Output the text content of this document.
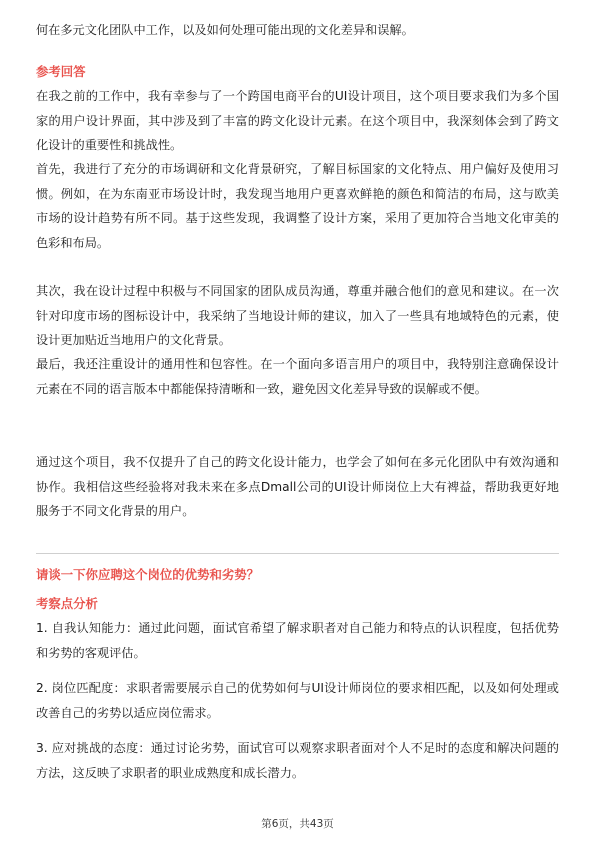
何在多元文化团队中工作，以及如何处理可能出现的文化差异和误解。
参考回答
在我之前的工作中，我有幸参与了一个跨国电商平台的UI设计项目，这个项目要求我们为多个国家的用户设计界面，其中涉及到了丰富的跨文化设计元素。在这个项目中，我深刻体会到了跨文化设计的重要性和挑战性。
首先，我进行了充分的市场调研和文化背景研究，了解目标国家的文化特点、用户偏好及使用习惯。例如，在为东南亚市场设计时，我发现当地用户更喜欢鲜艳的颜色和简洁的布局，这与欧美市场的设计趋势有所不同。基于这些发现，我调整了设计方案，采用了更加符合当地文化审美的色彩和布局。
其次，我在设计过程中积极与不同国家的团队成员沟通，尊重并融合他们的意见和建议。在一次针对印度市场的图标设计中，我采纳了当地设计师的建议，加入了一些具有地域特色的元素，使设计更加贴近当地用户的文化背景。
最后，我还注重设计的通用性和包容性。在一个面向多语言用户的项目中，我特别注意确保设计元素在不同的语言版本中都能保持清晰和一致，避免因文化差异导致的误解或不便。
通过这个项目，我不仅提升了自己的跨文化设计能力，也学会了如何在多元化团队中有效沟通和协作。我相信这些经验将对我未来在多点Dmall公司的UI设计师岗位上大有裨益，帮助我更好地服务于不同文化背景的用户。
请谈一下你应聘这个岗位的优势和劣势？
考察点分析
1. 自我认知能力：通过此问题，面试官希望了解求职者对自己能力和特点的认识程度，包括优势和劣势的客观评估。
2. 岗位匹配度：求职者需要展示自己的优势如何与UI设计师岗位的要求相匹配，以及如何处理或改善自己的劣势以适应岗位需求。
3. 应对挑战的态度：通过讨论劣势，面试官可以观察求职者面对个人不足时的态度和解决问题的方法，这反映了求职者的职业成熟度和成长潜力。
第6页，共43页
